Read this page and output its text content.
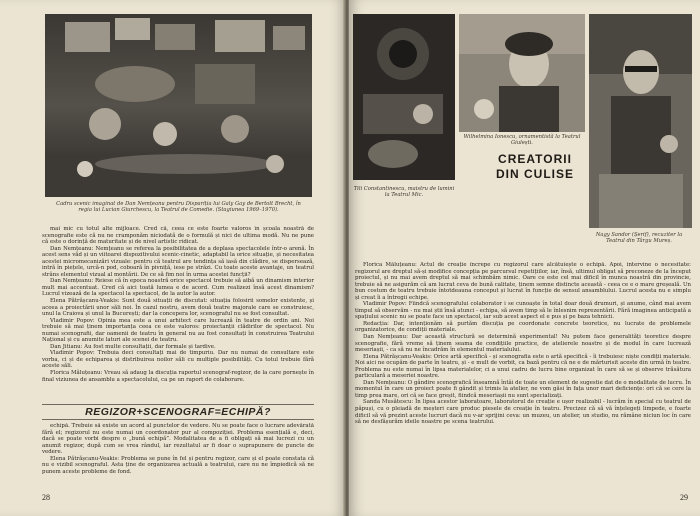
Cadru scenic imaginat de Dan Nemțeanu pentru Dispariția lui Galy Gay de Bertolt Brecht, în regia lui Lucian Giurchescu, la Teatrul de Comedie. (Stagiunea 1969–1970).

mai mic cu totul alte mijloace. Cred că, ceea ce este foarte valoros în școala noastră de scenografie este că nu ne cramponăm niciodată de o formulă și nici de ultima modă. Nu ne pune că este o dorință de maturitate și de nivel artistic ridicat.

Dan Nemțeanu: Nemțeanu se referea la posibilitatea de a deplasa spectacolele într-o arenă. În acest sens văd și un viitoarei dispozitivului scenic-cinetic, adaptabil la orice situație, și necesitatea acestei micromecanizări vizuale: pentru că teatrul are tendința să iasă din clădire, se dispersează, intră în piețele, urcă-n pod, coboară în pivniță, iese pe străzi. Cu toate aceste avantaje, un teatrul strâns elementul vizual al montării. De ce să fim noi în urma acestei funcții?

Dan Nemțeanu: Reiese că în epoca noastră orice spectacol trebuie să aibă un dinamism interior mult mai accentuat. Cred că aici toată lumea e de acord. Cum realizezi însă acest dinamism? Lucrul vizează de la spectacol la spectacol, de la autor la autor.

Elena Pătrășcanu-Veakis: Sunt două situații de discutat: situația folosirii somelor existente, și aceea a proiectării unor săli noi. În cazul nostru, avem două teatre majorale care se construiesc, unul la Craiova și unul la București; dar la concepera lor, scenograful nu se fost consultat.

Vladimir Popov: Opinia mea este a unui arhitect care lucrează în teatre de ordin ani. Noi trebuie să mai ținem importanța ceea ce este valoros: proiectanții clădirilor de spectacol. Nu numai scenografii, dar oamenii de teatru în general nu au fost consultați în construirea Teatrului Național și cu anumite laturi ale scenei de teatru.

Dan Jitianu: Au fost multe consultații, dar formale și tardive.

Vladimir Popov: Trebuia deci consultați mai de timpuriu. Dar nu numai de consultare este vorba, ci și de echiparea și distribuirea noilor săli cu multiple posibilități. Cu totul trebuie fără aceste săli.

Florica Măluțeanu: Vreau să adaug la discuția raportul scenograf-regizor, de la care pornește în final viziunea de ansamblu a spectacolului, ca pe un raport de colaborare.

REGIZOR+SCENOGRAF=ECHIPĂ?

echipă. Trebuie să existe un acord al punctelor de vedere. Nu se poate face o lucrare adevărată fără el; regizorul nu este numai un coordonator pur al compoziției. Problema esențială e, deci, dacă se poate vorbi despre o „bună echipă”. Modalitatea de a fi obligați să mai lucrezi cu un anumit regizor, după cum se vrea rândul, iar rezultatul ar fi doar o suprapunere de puncte de vedere.

Elena Pătrășcanu-Veakis: Problema se pune în fel și pentru regizor, care și el poate constata că nu e vizibil scenograful. Asta ține de organizarea actuală a teatrului, care nu ne împiedică să ne punem aceste probleme de fond.

28
Wilhelmina Ionescu, ornamentistă la Teatrul Giulești.
Tili Constantinescu, maistru de lumini la Teatrul Mic.
Nagy Sandor (Șerif), recuziter la Teatrul din Târgu Mureș.
CREATORII
DIN CULISE

Florica Măluțeanu: Actul de creație încrepe cu regizorul care alcătuiește o echipă. Apoi, intervine o necesitate: regizorul are dreptul să-și modifice concepția pe parcursul repetițiilor, iar, însă, ultimul obligat să preconeze de la început proiectul, și nu mai avem dreptul să mai schimbăm nimic. Oare ce este cel mai dificil în munca noastră din provincie, trebuie să ne asigurăm că am lucrat ceva de bună calitate, ținem semne distincte această - ceea ce e o mare greșeală. Un bun costum de teatru trebuie întotdeauna conceput și lucrat în funcție de sensul ansamblului. Lucrul acesta nu e simplu și creat îi a întregii echipe.

Vladimir Popov: Fiindcă scenografului colaborator i se cunoaște în total doar două drumuri, și anume, când mai avem timpul să observăm - nu mai știi însă atunci - echipa, să avem timp să le înlesnim reprezentării. Fără imaginea anticipată a spațiului scenic nu se poate face un spectacol, iar sub acest aspect el e pus și pe baza tehnicii.

Redacția: Dar, intenționăm să purtăm discuția pe coordonate concrete teoretice, nu lucrate de problemele organizatorice, de condiții materiale.

Dan Nemțeanu: Dar această structură se determină experimental! Nu putem face generalități teoretice despre scenografie, fără vreme să ținem seama de condițiile practice, de atelierele noastre și de modul în care lucrează meseriașii, - ca să nu ne încadrăm în elementul materialului.

Elena Pătrășcanu-Veakis: Orice artă specifică - și scenografia este o artă specifică - îi trebuiesc niște condiții materiale. Noi aici ne ocupăm de parte în teatru, și - e mult de vorbit, ca bază pentru că ne e de mărturisit aceste din urmă în teatre. Problema nu este numai în lipsa materialelor, ci a unui cadru de lucru bine organizat în care să se și observe trăsătura particulară a meseriei noastre.

Dan Nemțeanu: O gândire scenografică înseamnă întâi de toate un element de sugestie dat de o modalitate de lucru. În momentul în care un proiect poate fi gândit și trimis la atelier, ne vom găsi în fața unor mari deficiențe: ori că se cere la timp prea mare, ori că se face greșit, fiindcă meseriașii nu sunt specializați.

Sanda Musătescu: În lipsa acestor laboratoare, laboratorul de creație e ușor realizabil - lucrăm în special cu teatrul de păpuși, cu o pleiadă de meșteri care produc piesele de creație în teatru. Precizez că să vă înțelegeți limpede, e foarte dificil să vă prezint aceste lucruri dacă nu v-ar sprijini ceva: un muzeu, un atelier, un studio, nu rămâne niciun loc în care să ne desfășurăm ideile noastre pe scena teatrului.

29
